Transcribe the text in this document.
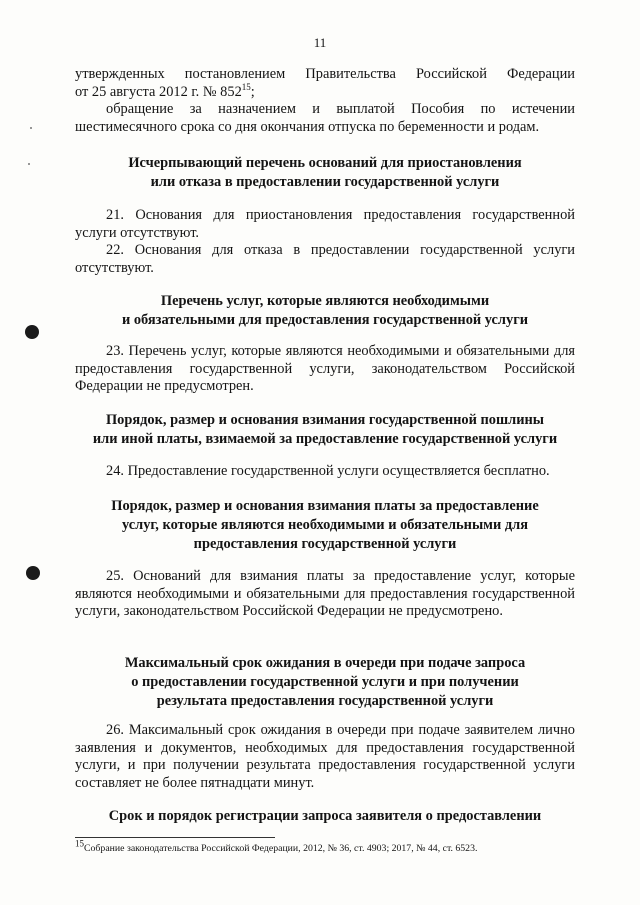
11
утвержденных постановлением Правительства Российской Федерации
от 25 августа 2012 г. № $852^{15}$;
обращение за назначением и выплатой Пособия по истечении шестимесячного срока со дня окончания отпуска по беременности и родам.
Исчерпывающий перечень оснований для приостановления
или отказа в предоставлении государственной услуги
21. Основания для приостановления предоставления государственной услуги отсутствуют.
22. Основания для отказа в предоставлении государственной услуги отсутствуют.
Перечень услуг, которые являются необходимыми
и обязательными для предоставления государственной услуги
23. Перечень услуг, которые являются необходимыми и обязательными для предоставления государственной услуги, законодательством Российской Федерации не предусмотрен.
Порядок, размер и основания взимания государственной пошлины
или иной платы, взимаемой за предоставление государственной услуги
24. Предоставление государственной услуги осуществляется бесплатно.
Порядок, размер и основания взимания платы за предоставление
услуг, которые являются необходимыми и обязательными для
предоставления государственной услуги
25. Оснований для взимания платы за предоставление услуг, которые являются необходимыми и обязательными для предоставления государственной услуги, законодательством Российской Федерации не предусмотрено.
Максимальный срок ожидания в очереди при подаче запроса
о предоставлении государственной услуги и при получении
результата предоставления государственной услуги
26. Максимальный срок ожидания в очереди при подаче заявителем лично заявления и документов, необходимых для предоставления государственной услуги, и при получении результата предоставления государственной услуги составляет не более пятнадцати минут.
Срок и порядок регистрации запроса заявителя о предоставлении
$^{15}$Собрание законодательства Российской Федерации, 2012, № 36, ст. 4903; 2017, № 44, ст. 6523.
